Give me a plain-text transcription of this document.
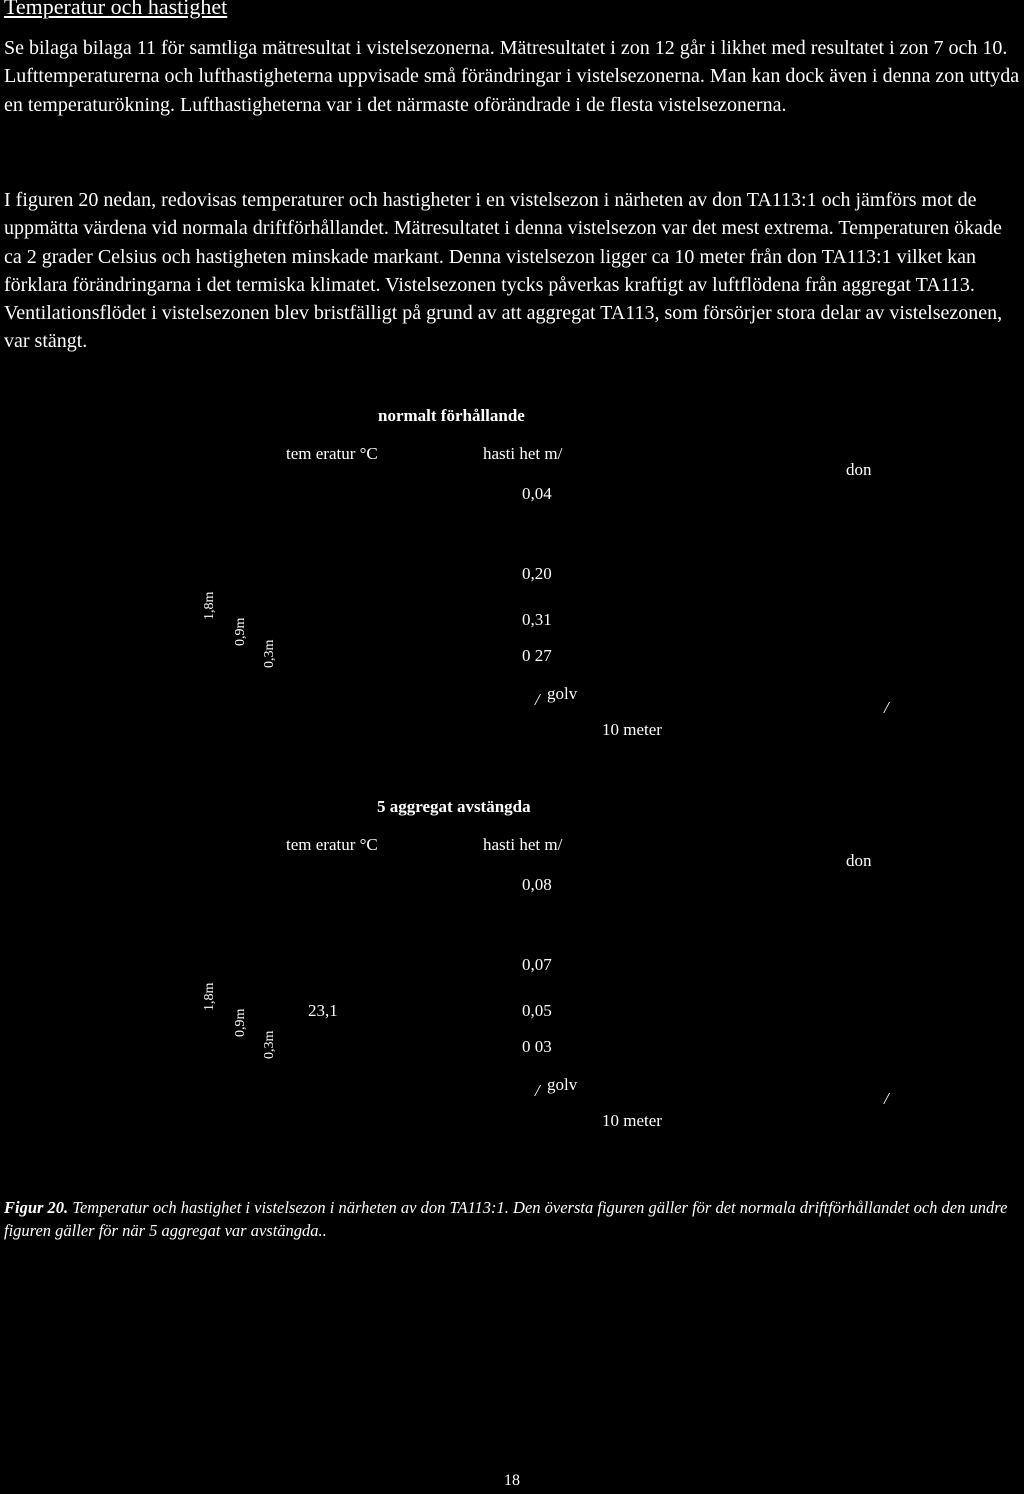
Temperatur och hastighet

Se bilaga bilaga 11 för samtliga mätresultat i vistelsezonerna. Mätresultatet i zon 12 går i likhet med resultatet i zon 7 och 10. Lufttemperaturerna och lufthastigheterna uppvisade små förändringar i vistelsezonerna. Man kan dock även i denna zon uttyda en temperaturökning. Lufthastigheterna var i det närmaste oförändrade i de flesta vistelsezonerna.

I figuren 20 nedan, redovisas temperaturer och hastigheter i en vistelsezon i närheten av don TA113:1 och jämförs mot de uppmätta värdena vid normala driftförhållandet. Mätresultatet i denna vistelsezon var det mest extrema. Temperaturen ökade ca 2 grader Celsius och hastigheten minskade markant. Denna vistelsezon ligger ca 10 meter från don TA113:1 vilket kan förklara förändringarna i det termiska klimatet. Vistelsezonen tycks påverkas kraftigt av luftflödena från aggregat TA113. Ventilationsflödet i vistelsezonen blev bristfälligt på grund av att aggregat TA113, som försörjer stora delar av vistelsezonen, var stängt.

normalt förhållande
tem eratur °C	hasti het m/
don
0,04
1,8m
0,9m
0,3m
0,20
0,31
0 27
/ golv
10 meter
/
5 aggregat avstängda
tem eratur °C	hasti het m/
don
0,08
1,8m
0,9m
0,3m
23,1
0,07
0,05
0 03
/ golv
10 meter
/

Figur 20. Temperatur och hastighet i vistelsezon i närheten av don TA113:1. Den översta figuren gäller för det normala driftförhållandet och den undre figuren gäller för när 5 aggregat var avstängda..

18
